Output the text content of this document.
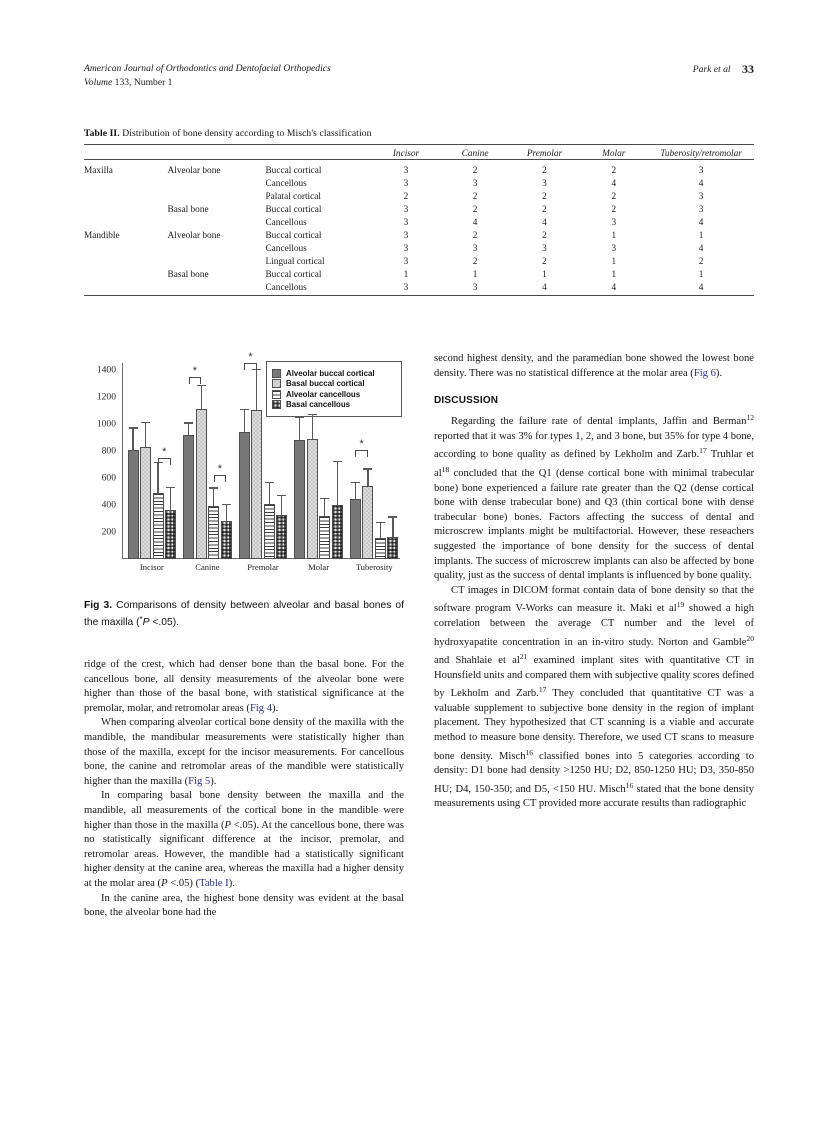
American Journal of Orthodontics and Dentofacial Orthopedics
Volume 133, Number 1
Park et al 33
Table II. Distribution of bone density according to Misch's classification

			Incisor	Canine	Premolar	Molar	Tuberosity/retromolar

Maxilla	Alveolar bone	Buccal cortical	3	2	2	2	3
		Cancellous	3	3	3	4	4
		Palatal cortical	2	2	2	2	3
	Basal bone	Buccal cortical	3	2	2	2	3
		Cancellous	3	4	4	3	4
Mandible	Alveolar bone	Buccal cortical	3	2	2	1	1
		Cancellous	3	3	3	3	4
		Lingual cortical	3	2	2	1	2
	Basal bone	Buccal cortical	1	1	1	1	1
		Cancellous	3	3	4	4	4

Alveolar buccal cortical
Basal buccal cortical
Alveolar cancellous
Basal cancellous
200
400
600
800
1000
1200
1400
Incisor	Canine	Premolar	Molar	Tuberosity
*
*
*
*
*
Fig 3. Comparisons of density between alveolar and basal bones of the maxilla (*P <.05).

ridge of the crest, which had denser bone than the basal bone. For the cancellous bone, all density measurements of the alveolar bone were higher than those of the basal bone, with statistical significance at the premolar, molar, and retromolar areas (Fig 4).

When comparing alveolar cortical bone density of the maxilla with the mandible, the mandibular measurements were statistically higher than those of the maxilla, except for the incisor measurements. For cancellous bone, the canine and retromolar areas of the mandible were statistically higher than the maxilla (Fig 5).

In comparing basal bone density between the maxilla and the mandible, all measurements of the cortical bone in the mandible were higher than those in the maxilla (P <.05). At the cancellous bone, there was no statistically significant difference at the incisor, premolar, and retromolar areas. However, the mandible had a statistically significant higher density at the canine area, whereas the maxilla had a higher density at the molar area (P <.05) (Table I).

In the canine area, the highest bone density was evident at the basal bone, the alveolar bone had the

second highest density, and the paramedian bone showed the lowest bone density. There was no statistical difference at the molar area (Fig 6).

DISCUSSION

Regarding the failure rate of dental implants, Jaffin and Berman$^{12}$ reported that it was 3% for types 1, 2, and 3 bone, but 35% for type 4 bone, according to bone quality as defined by Lekholm and Zarb.$^{17}$ Truhlar et al$^{18}$ concluded that the Q1 (dense cortical bone with minimal trabecular bone) bone experienced a failure rate greater than the Q2 (dense cortical bone with dense trabecular bone) and Q3 (thin cortical bone with dense trabecular bone) bones. Factors affecting the success of dental and microscrew implants might be multifactorial. However, these reseachers suggested the importance of bone density for the success of dental implants. The success of microscrew implants can also be affected by bone quality, just as the success of dental implants is influenced by bone quality.

CT images in DICOM format contain data of bone density so that the software program V-Works can measure it. Maki et al$^{19}$ showed a high correlation between the average CT number and the level of hydroxyapatite concentration in an in-vitro study. Norton and Gamble$^{20}$ and Shahlaie et al$^{21}$ examined implant sites with quantitative CT in Hounsfield units and compared them with subjective quality scores defined by Lekholm and Zarb.$^{17}$ They concluded that quantitative CT was a valuable supplement to subjective bone density in the region of implant placement. They hypothesized that CT scanning is a viable and accurate method to measure bone density. Therefore, we used CT scans to measure bone density. Misch$^{16}$ classified bones into 5 categories according to density: D1 bone had density >1250 HU; D2, 850-1250 HU; D3, 350-850 HU; D4, 150-350; and D5, <150 HU. Misch$^{16}$ stated that the bone density measurements using CT provided more accurate results than radiographic
